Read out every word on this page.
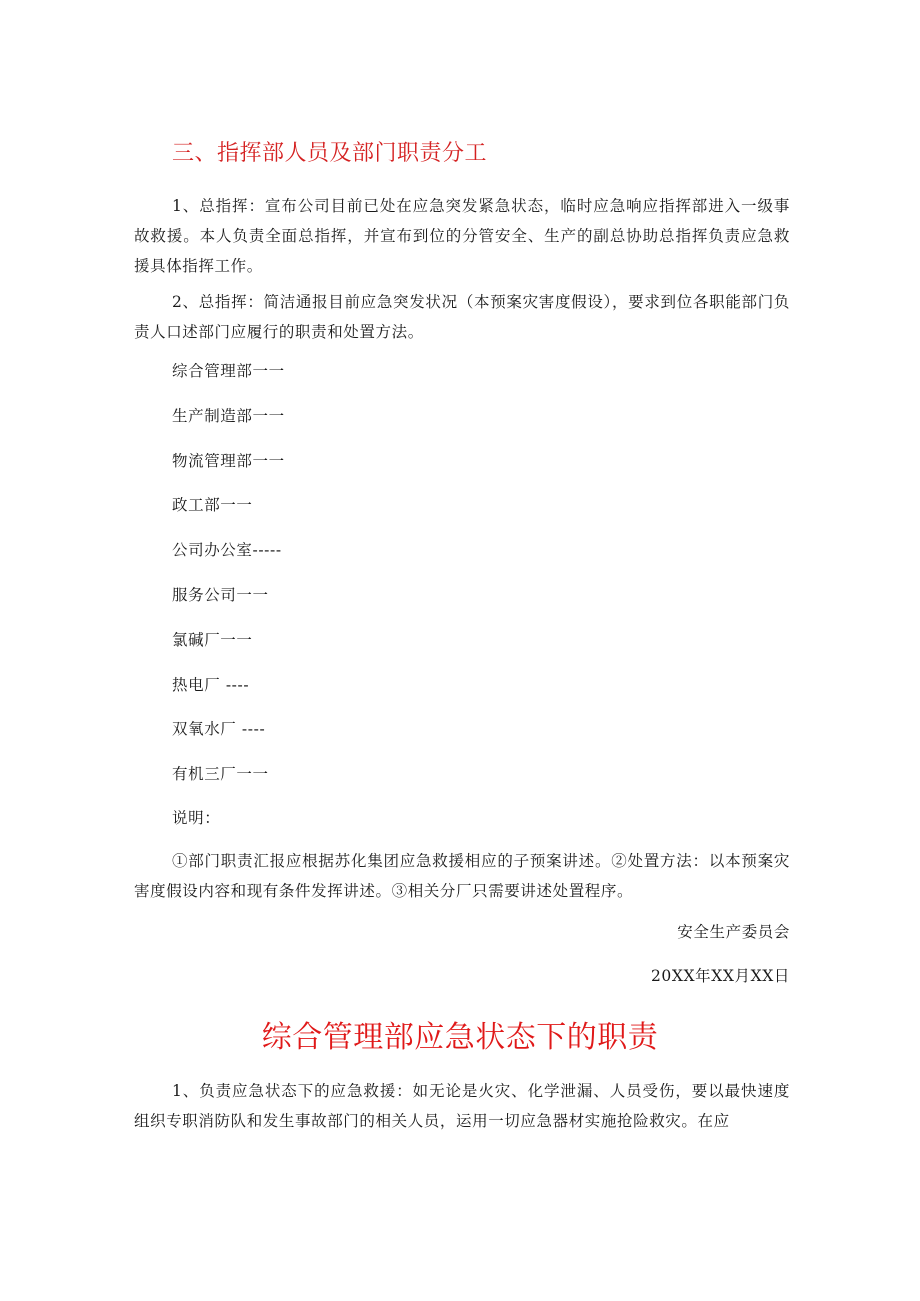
三、指挥部人员及部门职责分工

1、总指挥：宣布公司目前已处在应急突发紧急状态，临时应急响应指挥部进入一级事故救援。本人负责全面总指挥，并宣布到位的分管安全、生产的副总协助总指挥负责应急救援具体指挥工作。

2、总指挥：简洁通报目前应急突发状况（本预案灾害度假设），要求到位各职能部门负责人口述部门应履行的职责和处置方法。

综合管理部一一
生产制造部一一
物流管理部一一
政工部一一
公司办公室-----
服务公司一一
氯碱厂一一
热电厂 ----
双氧水厂 ----
有机三厂一一
说明：

①部门职责汇报应根据苏化集团应急救援相应的子预案讲述。②处置方法：以本预案灾害度假设内容和现有条件发挥讲述。③相关分厂只需要讲述处置程序。

安全生产委员会
20XX年XX月XX日
综合管理部应急状态下的职责

1、负责应急状态下的应急救援：如无论是火灾、化学泄漏、人员受伤，要以最快速度组织专职消防队和发生事故部门的相关人员，运用一切应急器材实施抢险救灾。在应
